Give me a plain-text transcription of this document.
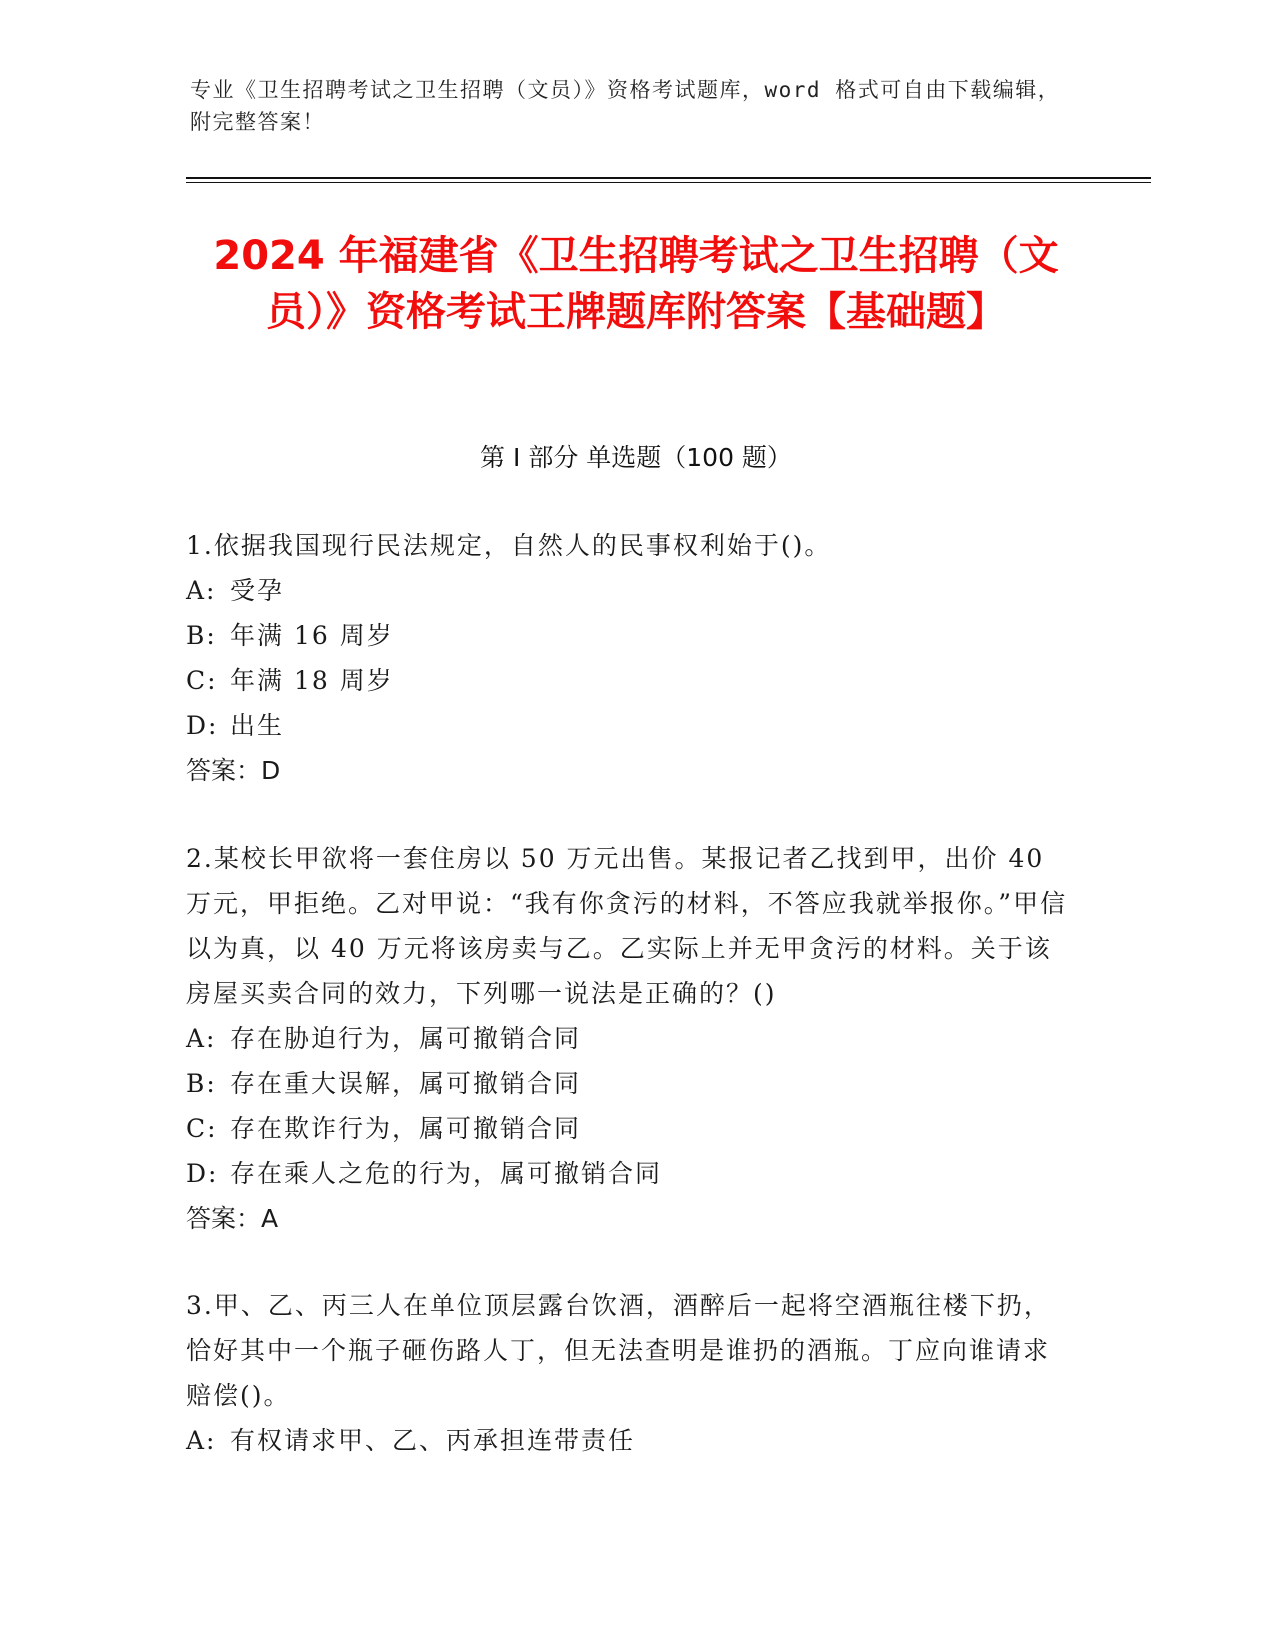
专业《卫生招聘考试之卫生招聘（文员）》资格考试题库，word 格式可自由下载编辑，附完整答案！
2024 年福建省《卫生招聘考试之卫生招聘（文员）》资格考试王牌题库附答案【基础题】
第 I 部分 单选题（100 题）

1.依据我国现行民法规定，自然人的民事权利始于()。

A: 受孕

B: 年满 16 周岁

C: 年满 18 周岁

D: 出生

答案：D

2.某校长甲欲将一套住房以 50 万元出售。某报记者乙找到甲，出价 40 万元，甲拒绝。乙对甲说：“我有你贪污的材料，不答应我就举报你。”甲信以为真，以 40 万元将该房卖与乙。乙实际上并无甲贪污的材料。关于该房屋买卖合同的效力，下列哪一说法是正确的？()

A: 存在胁迫行为，属可撤销合同

B: 存在重大误解，属可撤销合同

C: 存在欺诈行为，属可撤销合同

D: 存在乘人之危的行为，属可撤销合同

答案：A

3.甲、乙、丙三人在单位顶层露台饮酒，酒醉后一起将空酒瓶往楼下扔，恰好其中一个瓶子砸伤路人丁，但无法查明是谁扔的酒瓶。丁应向谁请求赔偿()。

A: 有权请求甲、乙、丙承担连带责任
